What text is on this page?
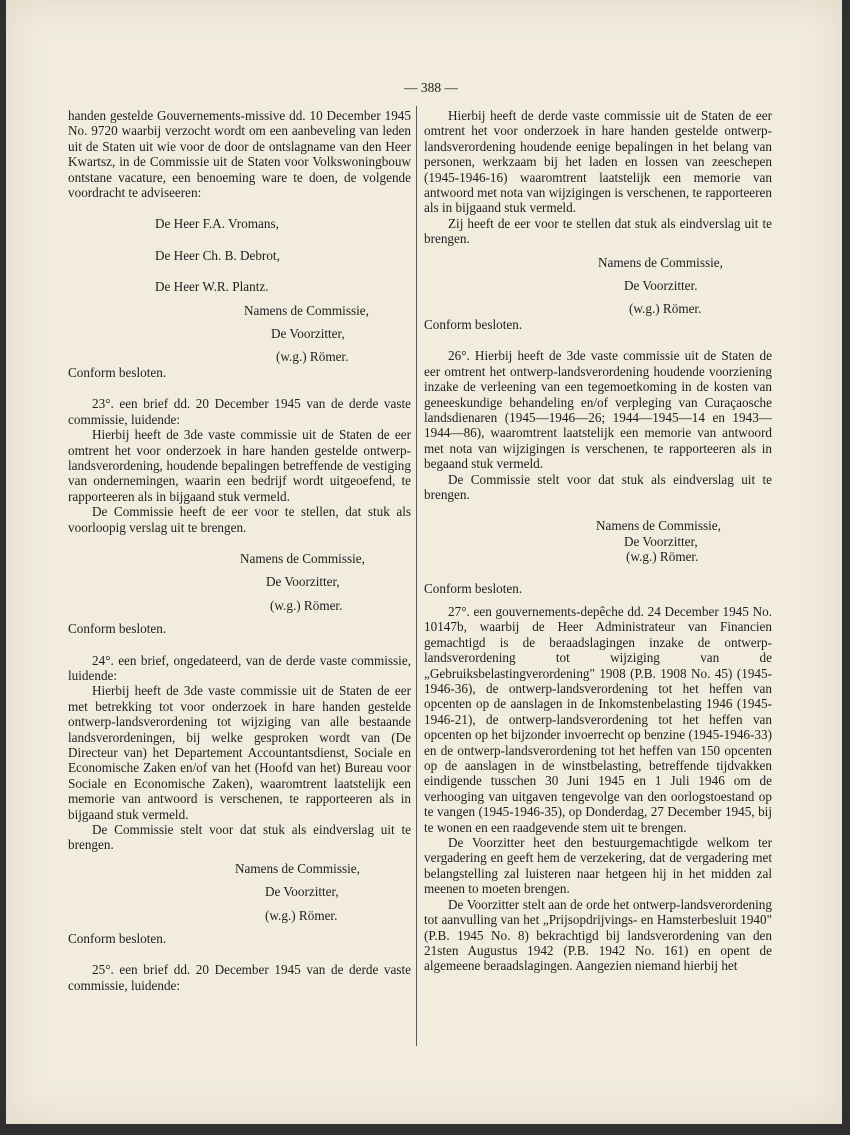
— 388 —

handen gestelde Gouvernements-missive dd. 10 December 1945 No. 9720 waarbij verzocht wordt om een aanbeveling van leden uit de Staten uit wie voor de door de ontslagname van den Heer Kwartsz, in de Commissie uit de Staten voor Volkswoningbouw ontstane vacature, een benoeming ware te doen, de volgende voordracht te adviseeren:

De Heer F.A. Vromans,

De Heer Ch. B. Debrot,

De Heer W.R. Plantz.

Namens de Commissie,

De Voorzitter,

(w.g.) Römer.

Conform besloten.

23°. een brief dd. 20 December 1945 van de derde vaste commissie, luidende:

Hierbij heeft de 3de vaste commissie uit de Staten de eer omtrent het voor onderzoek in hare handen gestelde ontwerp-landsverordening, houdende bepalingen betreffende de vestiging van ondernemingen, waarin een bedrijf wordt uitgeoefend, te rapporteeren als in bijgaand stuk vermeld.

De Commissie heeft de eer voor te stellen, dat stuk als voorloopig verslag uit te brengen.

Namens de Commissie,

De Voorzitter,

(w.g.) Römer.

Conform besloten.

24°. een brief, ongedateerd, van de derde vaste commissie, luidende:

Hierbij heeft de 3de vaste commissie uit de Staten de eer met betrekking tot voor onderzoek in hare handen gestelde ontwerp-landsverordening tot wijziging van alle bestaande landsverordeningen, bij welke gesproken wordt van (De Directeur van) het Departement Accountantsdienst, Sociale en Economische Zaken en/of van het (Hoofd van het) Bureau voor Sociale en Economische Zaken), waaromtrent laatstelijk een memorie van antwoord is verschenen, te rapporteeren als in bijgaand stuk vermeld.

De Commissie stelt voor dat stuk als eindverslag uit te brengen.

Namens de Commissie,

De Voorzitter,

(w.g.) Römer.

Conform besloten.

25°. een brief dd. 20 December 1945 van de derde vaste commissie, luidende:

Hierbij heeft de derde vaste commissie uit de Staten de eer omtrent het voor onderzoek in hare handen gestelde ontwerp-landsverordening houdende eenige bepalingen in het belang van personen, werkzaam bij het laden en lossen van zeeschepen (1945-1946-16) waaromtrent laatstelijk een memorie van antwoord met nota van wijzigingen is verschenen, te rapporteeren als in bijgaand stuk vermeld.

Zij heeft de eer voor te stellen dat stuk als eindverslag uit te brengen.

Namens de Commissie,

De Voorzitter.

(w.g.) Römer.

Conform besloten.

26°. Hierbij heeft de 3de vaste commissie uit de Staten de eer omtrent het ontwerp-landsverordening houdende voorziening inzake de verleening van een tegemoetkoming in de kosten van geneeskundige behandeling en/of verpleging van Curaçaosche landsdienaren (1945—1946—26; 1944—1945—14 en 1943—1944—86), waaromtrent laatstelijk een memorie van antwoord met nota van wijzigingen is verschenen, te rapporteeren als in begaand stuk vermeld.

De Commissie stelt voor dat stuk als eindverslag uit te brengen.

Namens de Commissie,

De Voorzitter,

(w.g.) Römer.

Conform besloten.

27°. een gouvernements-depêche dd. 24 December 1945 No. 10147b, waarbij de Heer Administrateur van Financien gemachtigd is de beraadslagingen inzake de ontwerp-landsverordening tot wijziging van de „Gebruiksbelastingverordening" 1908 (P.B. 1908 No. 45) (1945-1946-36), de ontwerp-landsverordening tot het heffen van opcenten op de aanslagen in de Inkomstenbelasting 1946 (1945-1946-21), de ontwerp-landsverordening tot het heffen van opcenten op het bijzonder invoerrecht op benzine (1945-1946-33) en de ontwerp-landsverordening tot het heffen van 150 opcenten op de aanslagen in de winstbelasting, betreffende tijdvakken eindigende tusschen 30 Juni 1945 en 1 Juli 1946 om de verhooging van uitgaven tengevolge van den oorlogstoestand op te vangen (1945-1946-35), op Donderdag, 27 December 1945, bij te wonen en een raadgevende stem uit te brengen.

De Voorzitter heet den bestuurgemachtigde welkom ter vergadering en geeft hem de verzekering, dat de vergadering met belangstelling zal luisteren naar hetgeen hij in het midden zal meenen to moeten brengen.

De Voorzitter stelt aan de orde het ontwerp-landsverordening tot aanvulling van het „Prijsopdrijvings- en Hamsterbesluit 1940" (P.B. 1945 No. 8) bekrachtigd bij landsverordening van den 21sten Augustus 1942 (P.B. 1942 No. 161) en opent de algemeene beraadslagingen. Aangezien niemand hierbij het
